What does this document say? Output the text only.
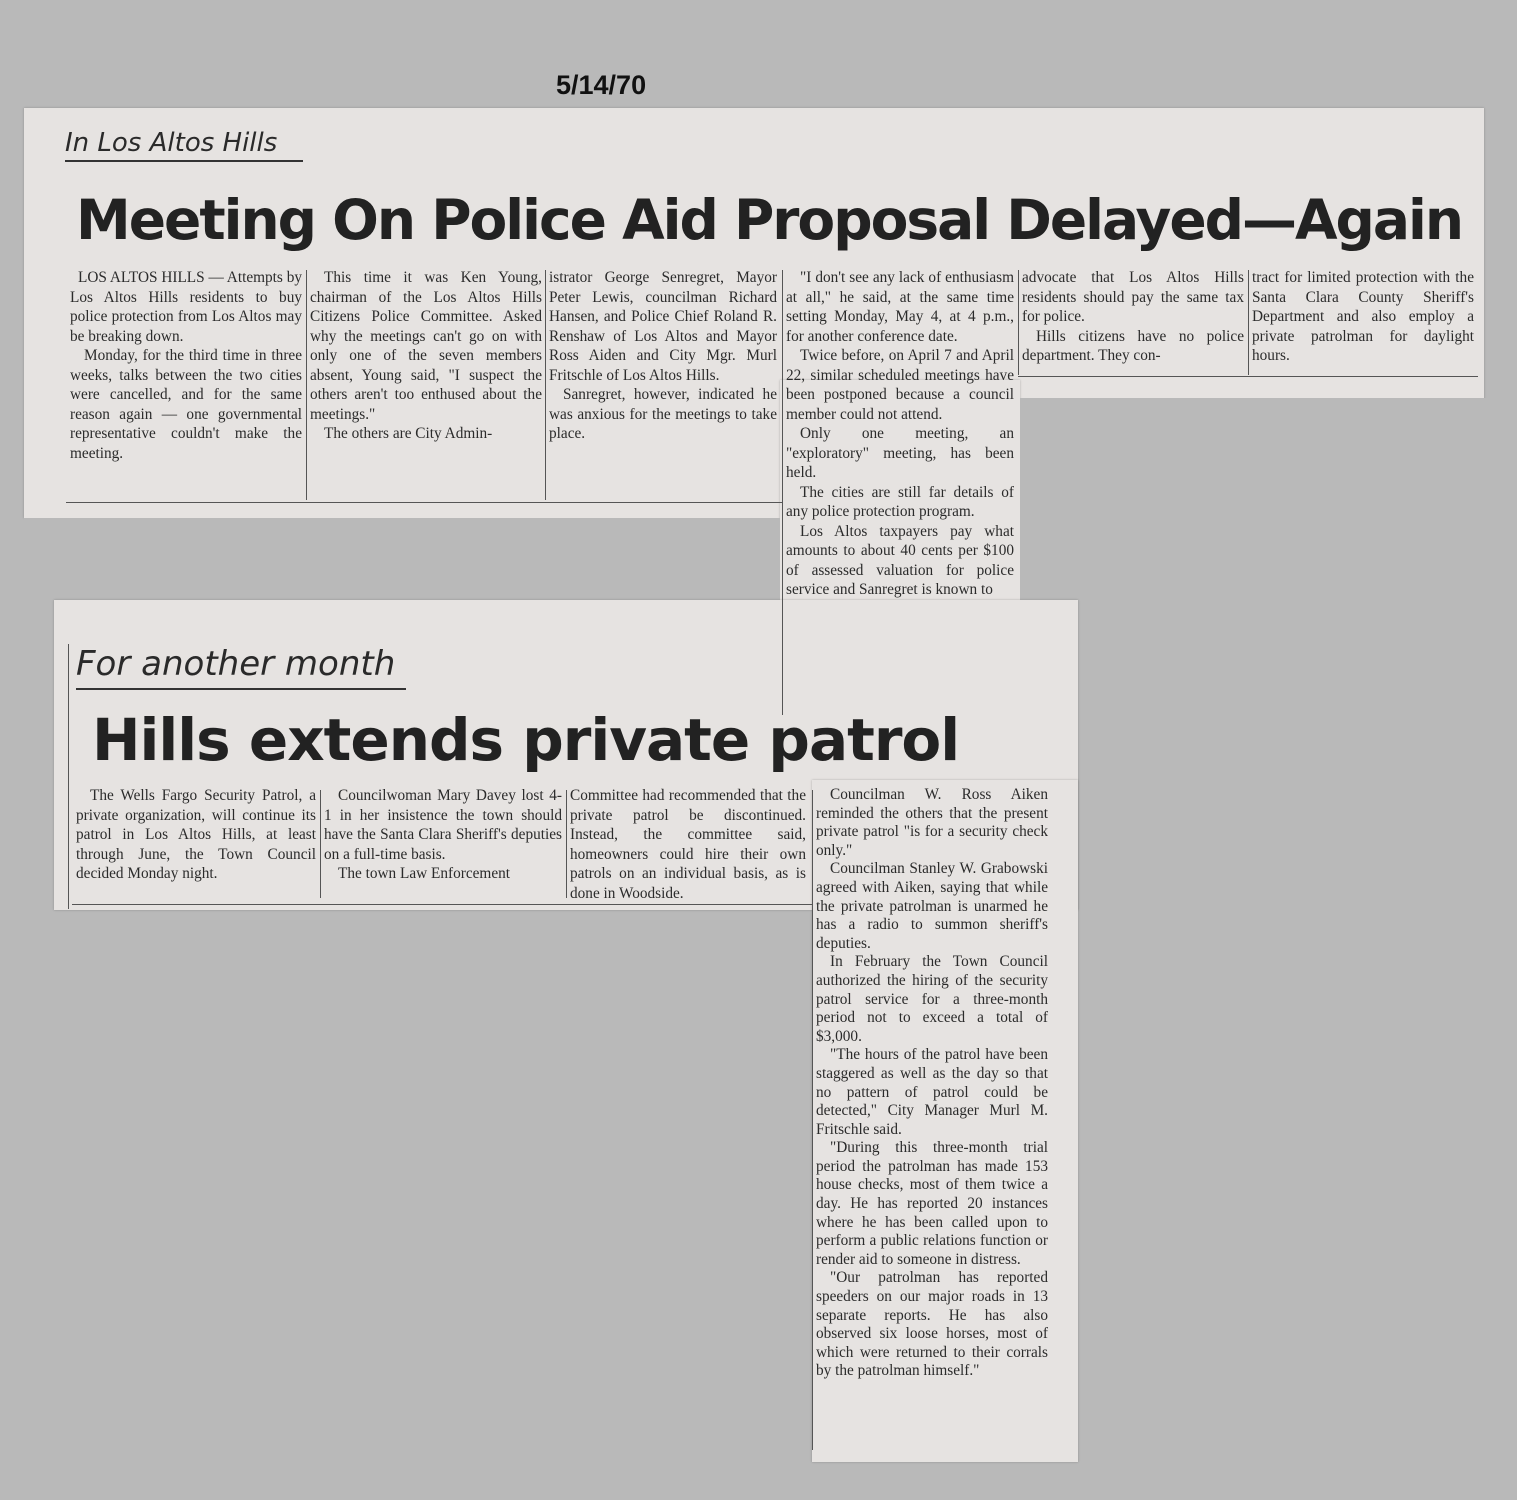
5/14/70
In Los Altos Hills
Meeting On Police Aid Proposal Delayed—Again

LOS ALTOS HILLS — Attempts by Los Altos Hills residents to buy police protection from Los Altos may be breaking down.

Monday, for the third time in three weeks, talks between the two cities were cancelled, and for the same reason again — one governmental representative couldn't make the meeting.

This time it was Ken Young, chairman of the Los Altos Hills Citizens Police Committee. Asked why the meetings can't go on with only one of the seven members absent, Young said, "I suspect the others aren't too enthused about the meetings."

The others are City Admin-

istrator George Senregret, Mayor Peter Lewis, councilman Richard Hansen, and Police Chief Roland R. Renshaw of Los Altos and Mayor Ross Aiden and City Mgr. Murl Fritschle of Los Altos Hills.

Sanregret, however, indicated he was anxious for the meetings to take place.

"I don't see any lack of enthusiasm at all," he said, at the same time setting Monday, May 4, at 4 p.m., for another conference date.

Twice before, on April 7 and April 22, similar scheduled meetings have been postponed because a council member could not attend.

Only one meeting, an "exploratory" meeting, has been held.

The cities are still far details of any police protection program.

Los Altos taxpayers pay what amounts to about 40 cents per $100 of assessed valuation for police service and Sanregret is known to

advocate that Los Altos Hills residents should pay the same tax for police.

Hills citizens have no police department. They con-

tract for limited protection with the Santa Clara County Sheriff's Department and also employ a private patrolman for daylight hours.

For another month
Hills extends private patrol

The Wells Fargo Security Patrol, a private organization, will continue its patrol in Los Altos Hills, at least through June, the Town Council decided Monday night.

Councilwoman Mary Davey lost 4-1 in her insistence the town should have the Santa Clara Sheriff's deputies on a full-time basis.

The town Law Enforcement

Committee had recommended that the private patrol be discontinued. Instead, the committee said, homeowners could hire their own patrols on an individual basis, as is done in Woodside.

Councilman W. Ross Aiken reminded the others that the present private patrol "is for a security check only."

Councilman Stanley W. Grabowski agreed with Aiken, saying that while the private patrolman is unarmed he has a radio to summon sheriff's deputies.

In February the Town Council authorized the hiring of the security patrol service for a three-month period not to exceed a total of $3,000.

"The hours of the patrol have been staggered as well as the day so that no pattern of patrol could be detected," City Manager Murl M. Fritschle said.

"During this three-month trial period the patrolman has made 153 house checks, most of them twice a day. He has reported 20 instances where he has been called upon to perform a public relations function or render aid to someone in distress.

"Our patrolman has reported speeders on our major roads in 13 separate reports. He has also observed six loose horses, most of which were returned to their corrals by the patrolman himself."
